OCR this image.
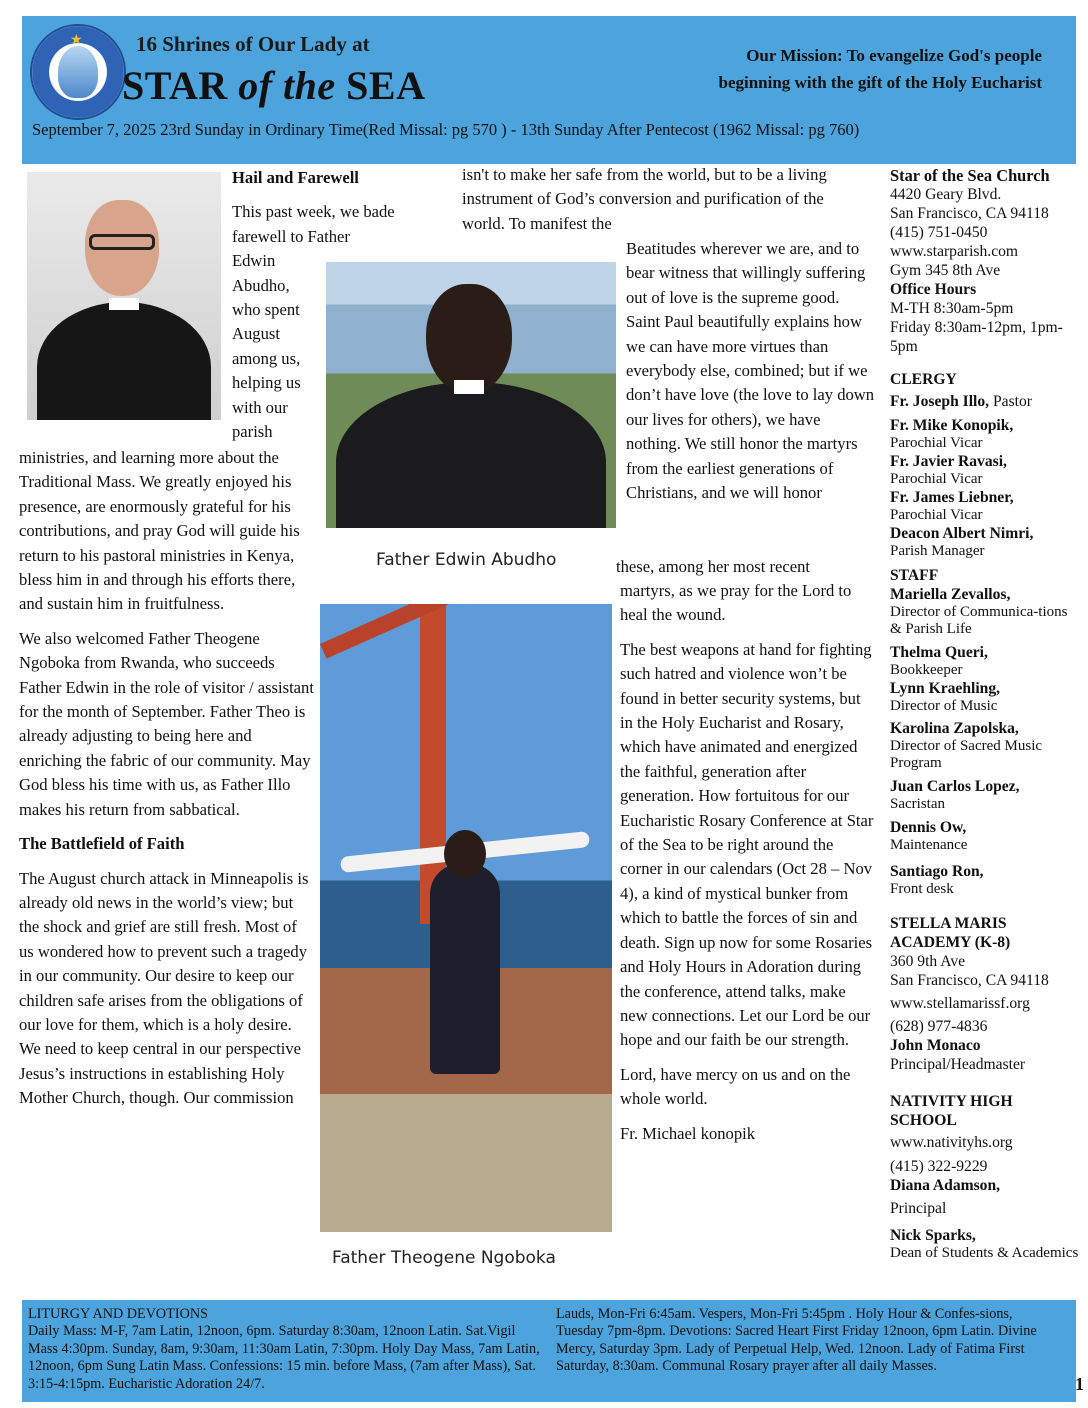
★	16 Shrines of Our Lady at
STAR of the SEA
Our Mission: To evangelize God's people
beginning with the gift of the Holy Eucharist
September 7, 2025 23rd Sunday in Ordinary Time(Red Missal: pg 570 ) - 13th Sunday After Pentecost (1962 Missal: pg 760)
Father Edwin Abudho
Father Theogene Ngoboka

Hail and Farewell

This past week, we bade
farewell to Father
Edwin
Abudho,
who spent
August
among us,
helping us
with our
parish

ministries, and learning more about the Traditional Mass. We greatly enjoyed his presence, are enormously grateful for his contributions, and pray God will guide his return to his pastoral ministries in Kenya, bless him in and through his efforts there, and sustain him in fruitfulness.

We also welcomed Father Theogene Ngoboka from Rwanda, who succeeds Father Edwin in the role of visitor / assistant for the month of September. Father Theo is already adjusting to being here and enriching the fabric of our community. May God bless his time with us, as Father Illo makes his return from sabbatical.

The Battlefield of Faith

The August church attack in Minneapolis is already old news in the world’s view; but the shock and grief are still fresh. Most of us wondered how to prevent such a tragedy in our community. Our desire to keep our children safe arises from the obligations of our love for them, which is a holy desire. We need to keep central in our perspective Jesus’s instructions in establishing Holy Mother Church, though. Our commission

isn't to make her safe from the world, but to be a living instrument of God’s conversion and purification of the world. To manifest the

Beatitudes wherever we are, and to bear witness that willingly suffering out of love is the supreme good. Saint Paul beautifully explains how we can have more virtues than everybody else, combined; but if we don’t have love (the love to lay down our lives for others), we have nothing. We still honor the martyrs from the earliest generations of Christians, and we will honor
these, among her most recent

martyrs, as we pray for the Lord to heal the wound.

The best weapons at hand for fighting such hatred and violence won’t be found in better security systems, but in the Holy Eucharist and Rosary, which have animated and energized the faithful, generation after generation. How fortuitous for our Eucharistic Rosary Conference at Star of the Sea to be right around the corner in our calendars (Oct 28 – Nov 4), a kind of mystical bunker from which to battle the forces of sin and death. Sign up now for some Rosaries and Holy Hours in Adoration during the conference, attend talks, make new connections. Let our Lord be our hope and our faith be our strength.

Lord, have mercy on us and on the whole world.

Fr. Michael konopik

Star of the Sea Church
4420 Geary Blvd.
San Francisco, CA 94118
(415) 751-0450
www.starparish.com
Gym 345 8th Ave
Office Hours
M-TH 8:30am-5pm
Friday 8:30am-12pm, 1pm-5pm
CLERGY
Fr. Joseph Illo, Pastor
Fr. Mike Konopik,
Parochial Vicar
Fr. Javier Ravasi,
Parochial Vicar
Fr. James Liebner,
Parochial Vicar
Deacon Albert Nimri,
Parish Manager
STAFF
Mariella Zevallos,
Director of Communica-tions & Parish Life
Thelma Queri,
Bookkeeper
Lynn Kraehling,
Director of Music
Karolina Zapolska,
Director of Sacred Music Program
Juan Carlos Lopez,
Sacristan
Dennis Ow,
Maintenance
Santiago Ron,
Front desk
STELLA MARIS ACADEMY (K-8)
360 9th Ave
San Francisco, CA 94118
www.stellamarissf.org
(628) 977-4836
John Monaco
Principal/Headmaster
NATIVITY HIGH SCHOOL
www.nativityhs.org
(415) 322-9229
Diana Adamson,
Principal
Nick Sparks,
Dean of Students & Academics
LITURGY AND DEVOTIONS
Daily Mass: M-F, 7am Latin, 12noon, 6pm. Saturday 8:30am, 12noon Latin. Sat.Vigil Mass 4:30pm. Sunday, 8am, 9:30am, 11:30am Latin, 7:30pm. Holy Day Mass, 7am Latin, 12noon, 6pm Sung Latin Mass. Confessions: 15 min. before Mass, (7am after Mass), Sat. 3:15-4:15pm. Eucharistic Adoration 24/7.
Lauds, Mon-Fri 6:45am. Vespers, Mon-Fri 5:45pm . Holy Hour & Confes-sions, Tuesday 7pm-8pm. Devotions: Sacred Heart First Friday 12noon, 6pm Latin. Divine Mercy, Saturday 3pm. Lady of Perpetual Help, Wed. 12noon. Lady of Fatima First Saturday, 8:30am. Communal Rosary prayer after all daily Masses.
1
